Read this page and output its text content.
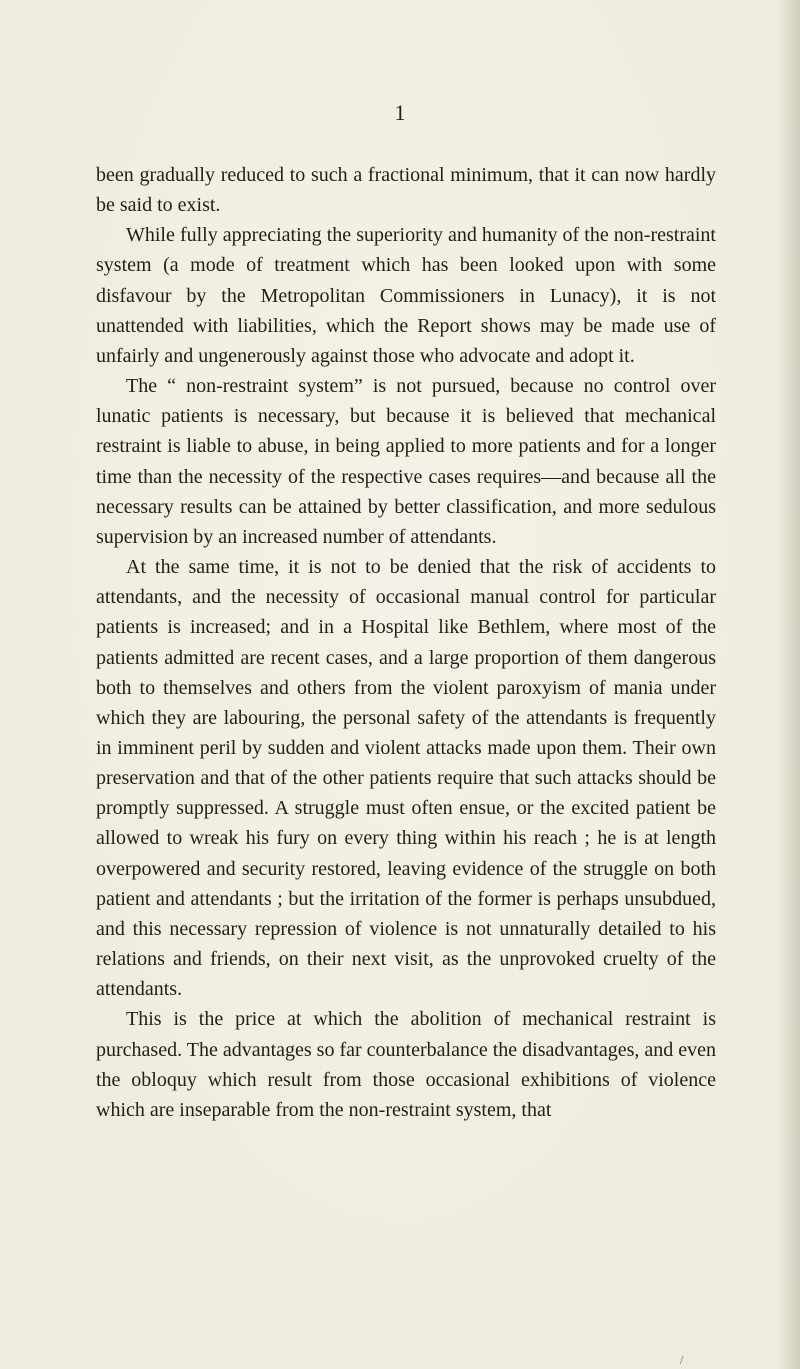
1

been gradually reduced to such a fractional minimum, that it can now hardly be said to exist.

While fully appreciating the superiority and humanity of the non-restraint system (a mode of treatment which has been looked upon with some disfavour by the Metropolitan Commissioners in Lunacy), it is not unattended with liabilities, which the Report shows may be made use of unfairly and ungenerously against those who advocate and adopt it.

The “ non-restraint system” is not pursued, because no control over lunatic patients is necessary, but because it is believed that mechanical restraint is liable to abuse, in being applied to more patients and for a longer time than the necessity of the respective cases requires—and because all the necessary results can be attained by better classification, and more sedulous supervision by an increased number of attendants.

At the same time, it is not to be denied that the risk of accidents to attendants, and the necessity of occasional manual control for particular patients is increased; and in a Hospital like Bethlem, where most of the patients admitted are recent cases, and a large proportion of them dangerous both to themselves and others from the violent paroxyism of mania under which they are labouring, the personal safety of the attendants is frequently in imminent peril by sudden and violent attacks made upon them. Their own preservation and that of the other patients require that such attacks should be promptly suppressed. A struggle must often ensue, or the excited patient be allowed to wreak his fury on every thing within his reach ; he is at length overpowered and security restored, leaving evidence of the struggle on both patient and attendants ; but the irritation of the former is perhaps unsubdued, and this necessary repression of violence is not unnaturally detailed to his relations and friends, on their next visit, as the unprovoked cruelty of the attendants.

This is the price at which the abolition of mechanical restraint is purchased. The advantages so far counterbalance the disadvantages, and even the obloquy which result from those occasional exhibitions of violence which are inseparable from the non-restraint system, that

/
